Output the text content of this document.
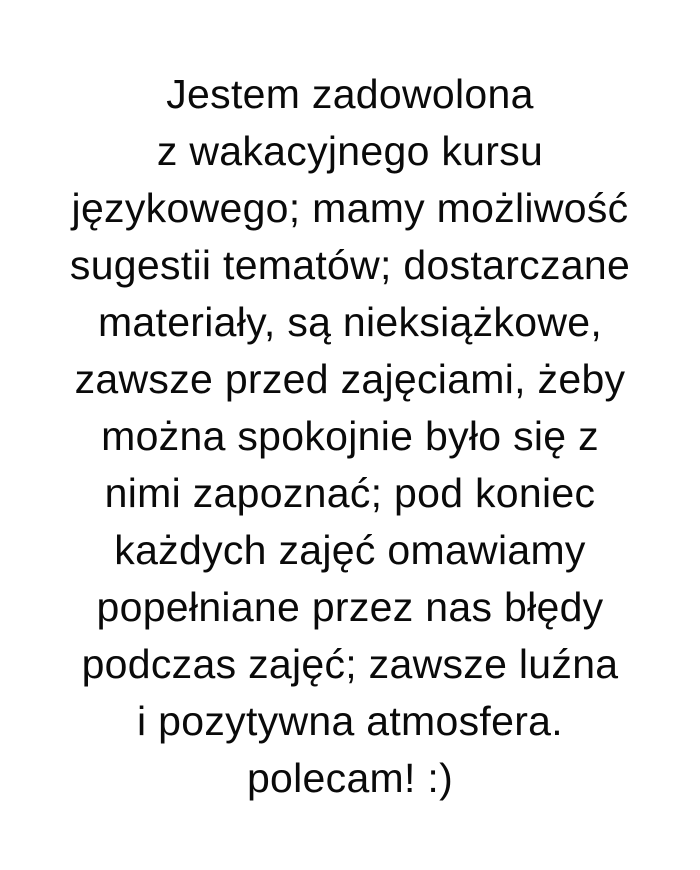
Jestem zadowolona
z wakacyjnego kursu
językowego; mamy możliwość
sugestii tematów; dostarczane
materiały, są nieksiążkowe,
zawsze przed zajęciami, żeby
można spokojnie było się z
nimi zapoznać; pod koniec
każdych zajęć omawiamy
popełniane przez nas błędy
podczas zajęć; zawsze luźna
i pozytywna atmosfera.
polecam! :)
